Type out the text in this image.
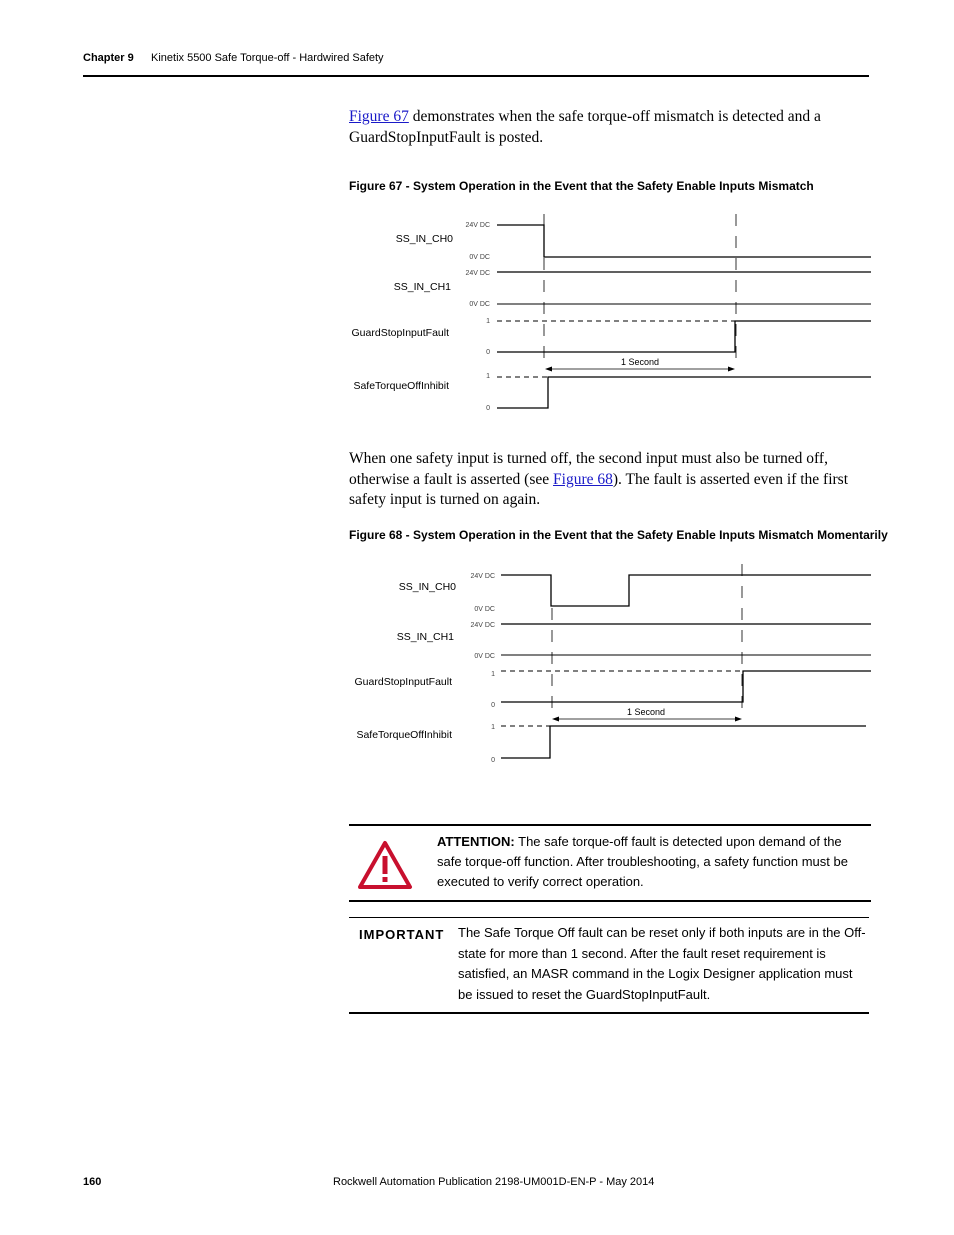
Chapter 9 Kinetix 5500 Safe Torque-off - Hardwired Safety
Figure 67 demonstrates when the safe torque-off mismatch is detected and a GuardStopInputFault is posted.
Figure 67 - System Operation in the Event that the Safety Enable Inputs Mismatch
SS_IN_CH0
SS_IN_CH1
GuardStopInputFault
SafeTorqueOffInhibit
24V DC
0V DC
24V DC
0V DC
1
0
1
0
1 Second
When one safety input is turned off, the second input must also be turned off, otherwise a fault is asserted (see Figure 68). The fault is asserted even if the first safety input is turned on again.
Figure 68 - System Operation in the Event that the Safety Enable Inputs Mismatch Momentarily
SS_IN_CH0
SS_IN_CH1
GuardStopInputFault
SafeTorqueOffInhibit
24V DC
0V DC
24V DC
0V DC
1
0
1
0
1 Second
ATTENTION: The safe torque-off fault is detected upon demand of the safe torque-off function. After troubleshooting, a safety function must be executed to verify correct operation.
IMPORTANT The Safe Torque Off fault can be reset only if both inputs are in the Off-state for more than 1 second. After the fault reset requirement is satisfied, an MASR command in the Logix Designer application must be issued to reset the GuardStopInputFault.
160	Rockwell Automation Publication 2198-UM001D-EN-P - May 2014
